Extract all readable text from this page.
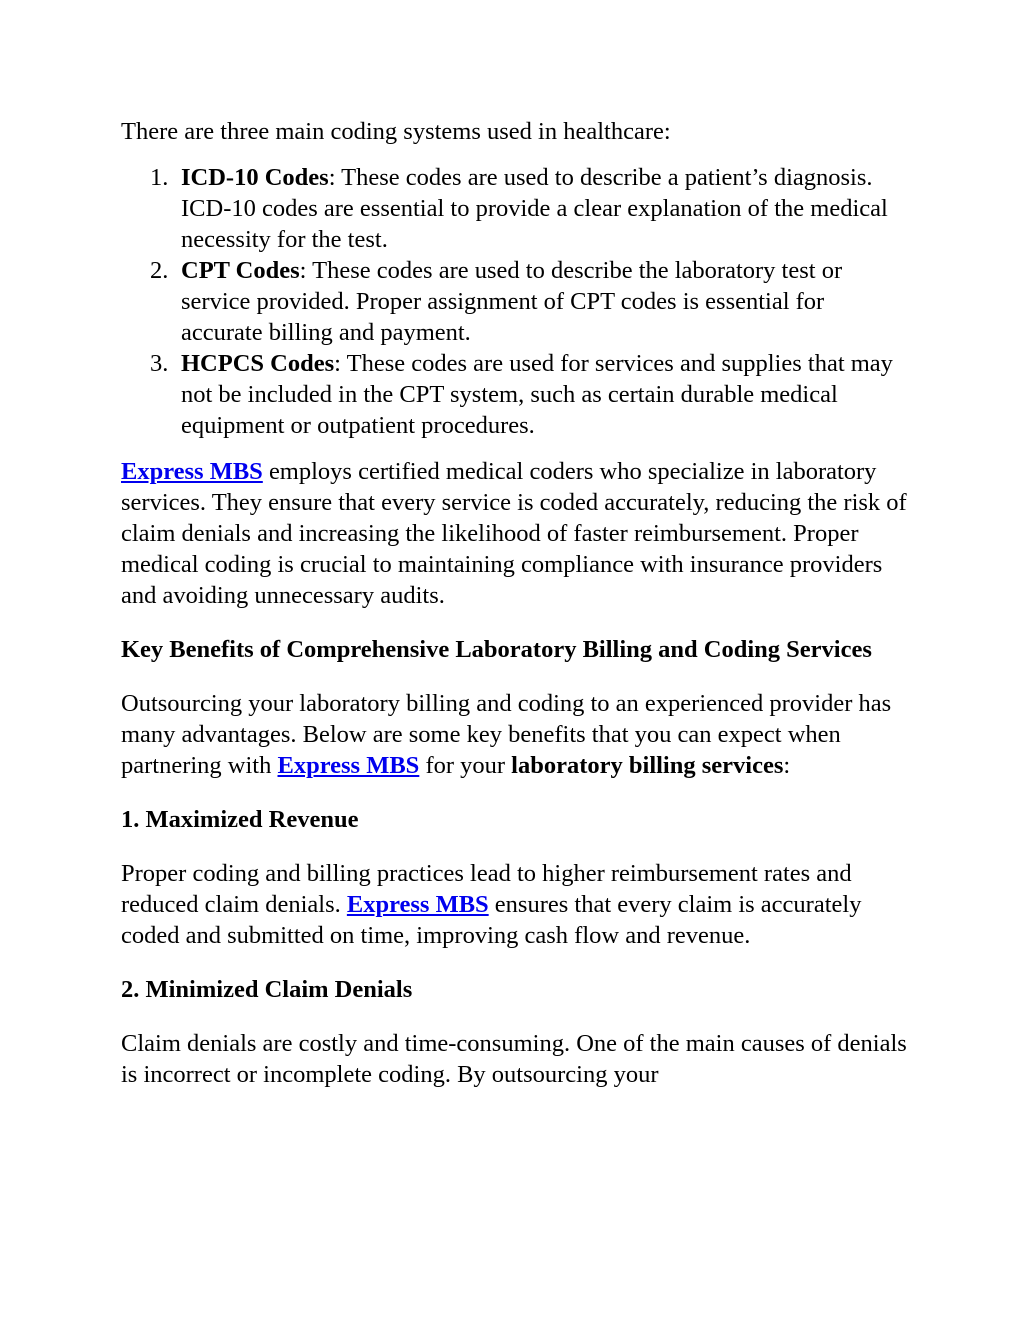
There are three main coding systems used in healthcare:

1. ICD-10 Codes: These codes are used to describe a patient’s diagnosis. ICD-10 codes are essential to provide a clear explanation of the medical necessity for the test.
2. CPT Codes: These codes are used to describe the laboratory test or service provided. Proper assignment of CPT codes is essential for accurate billing and payment.
3. HCPCS Codes: These codes are used for services and supplies that may not be included in the CPT system, such as certain durable medical equipment or outpatient procedures.

Express MBS employs certified medical coders who specialize in laboratory services. They ensure that every service is coded accurately, reducing the risk of claim denials and increasing the likelihood of faster reimbursement. Proper medical coding is crucial to maintaining compliance with insurance providers and avoiding unnecessary audits.

Key Benefits of Comprehensive Laboratory Billing and Coding Services

Outsourcing your laboratory billing and coding to an experienced provider has many advantages. Below are some key benefits that you can expect when partnering with Express MBS for your laboratory billing services:

1. Maximized Revenue

Proper coding and billing practices lead to higher reimbursement rates and reduced claim denials. Express MBS ensures that every claim is accurately coded and submitted on time, improving cash flow and revenue.

2. Minimized Claim Denials

Claim denials are costly and time-consuming. One of the main causes of denials is incorrect or incomplete coding. By outsourcing your
